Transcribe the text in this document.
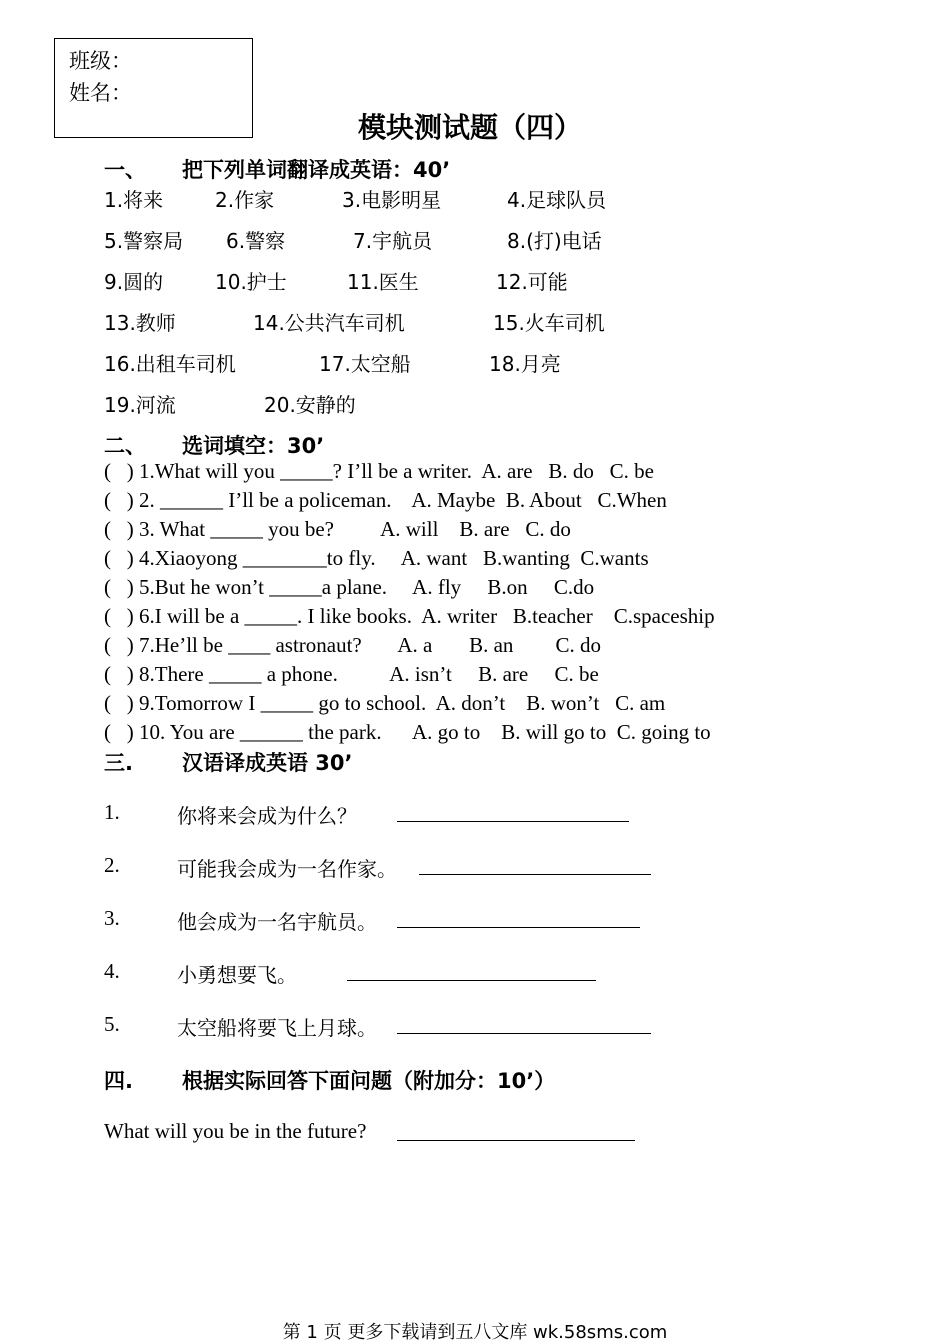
班级：
姓名：
模块测试题（四）
一、 把下列单词翻译成英语：40’
1.将来	2.作家	3.电影明星	4.足球队员
5.警察局 6.警察	7.宇航员	8.(打)电话
9.圆的	10.护士	11.医生	12.可能
13.教师	14.公共汽车司机	15.火车司机
16.出租车司机	17.太空船	18.月亮
19.河流	20.安静的
二、 选词填空：30’
(   ) 1.What will you _____? I’ll be a writer. A. are B. do C. be
(   ) 2. ______ I’ll be a policeman. A. Maybe B. About C.When
(   ) 3. What _____ you be? A. will B. are C. do
(   ) 4.Xiaoyong ________to fly. A. want B.wanting C.wants
(   ) 5.But he won’t _____a plane. A. fly B.on C.do
(   ) 6.I will be a _____. I like books. A. writer B.teacher C.spaceship
(   ) 7.He’ll be ____ astronaut? A. a B. an C. do
(   ) 8.There _____ a phone. A. isn’t B. are C. be
(   ) 9.Tomorrow I _____ go to school. A. don’t B. won’t C. am
(   ) 10. You are ______ the park. A. go to B. will go to C. going to
三. 汉语译成英语 30’
1.	你将来会成为什么？
2.	可能我会成为一名作家。
3.	他会成为一名宇航员。
4.	小勇想要飞。
5.	太空船将要飞上月球。
四. 根据实际回答下面问题（附加分：10’）
What will you be in the future?
第 1 页 更多下载请到五八文库 wk.58sms.com
